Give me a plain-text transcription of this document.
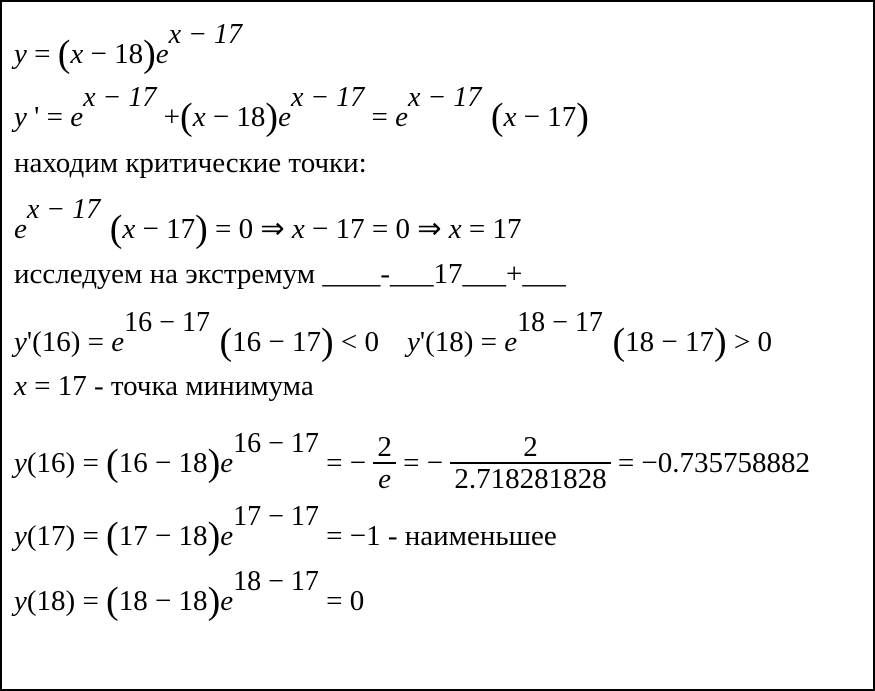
y = (x − 18)ex − 17
y ' = ex − 17 +(x − 18)ex − 17 = ex − 17 (x − 17)
находим критические точки:
ex − 17 (x − 17) = 0 ⇒ x − 17 = 0 ⇒ x = 17
исследуем на экстремум ____-___17___+___
y'(16) = e16 − 17 (16 − 17) < 0 y'(18) = e18 − 17 (18 − 17) > 0
x = 17 - точка минимума
y(16) = (16 − 18)e16 − 17 = − $\frac{2}{e}$ = − $\frac{2}{2.718281828} = -0.735758882$
y(17) = (17 − 18)e17 − 17 = −1 - наименьшее
y(18) = (18 − 18)e18 − 17 = 0
